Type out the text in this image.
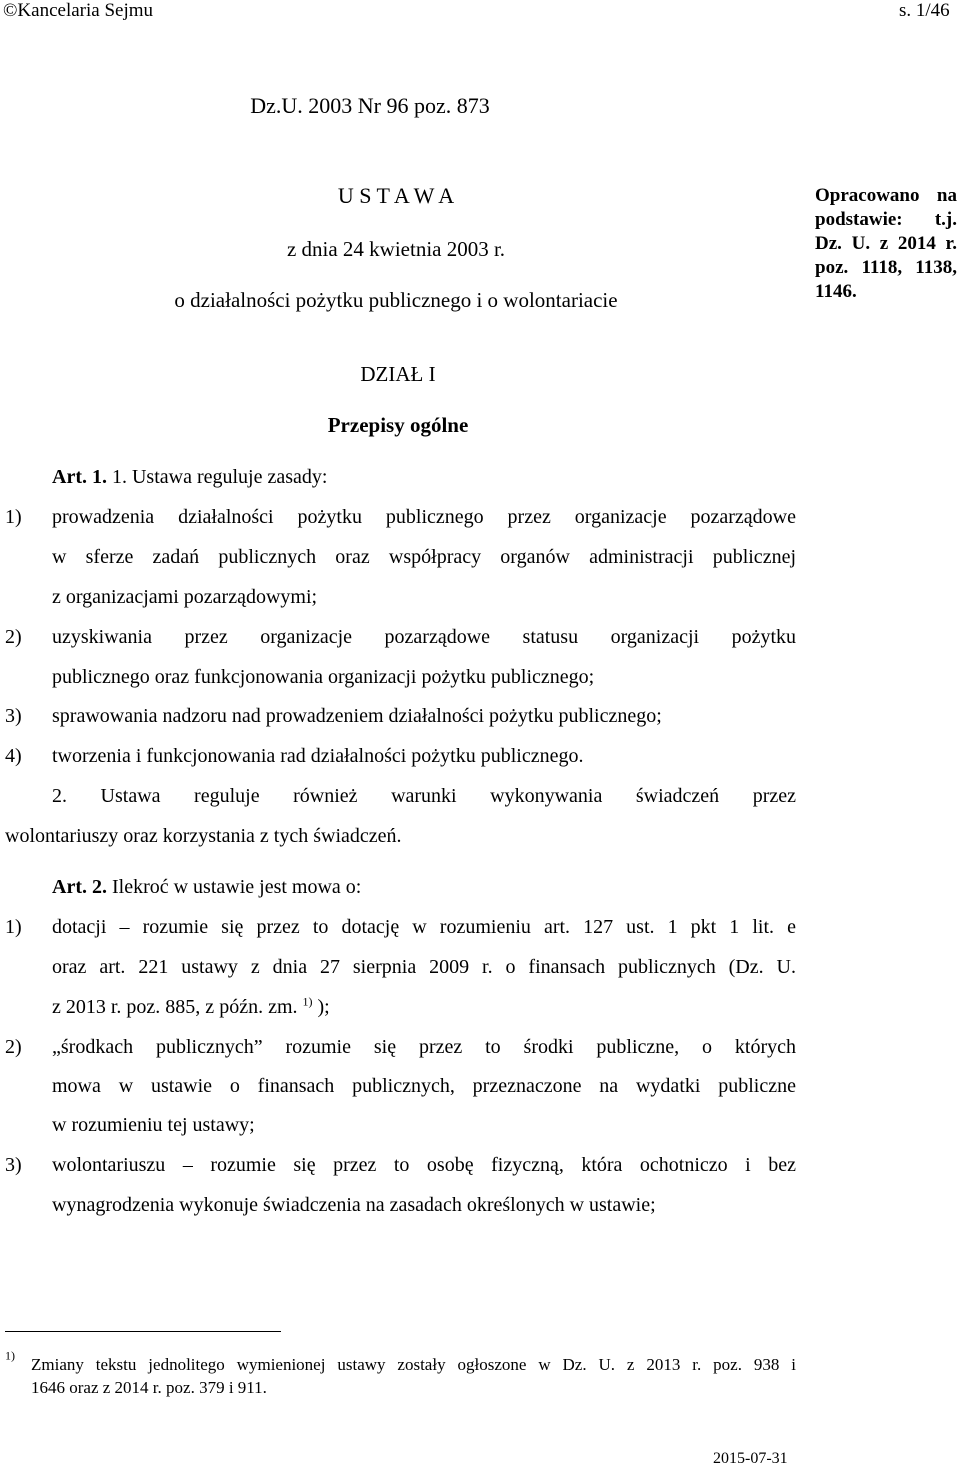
©Kancelaria Sejmu	s. 1/46
Dz.U. 2003 Nr 96 poz. 873
U S T A W A
z dnia 24 kwietnia 2003 r.
o działalności pożytku publicznego i o wolontariacie
Opracowano na
podstawie: t.j.
Dz. U. z 2014 r.
poz. 1118, 1138,
1146.
DZIAŁ I
Przepisy ogólne
Art. 1. 1. Ustawa reguluje zasady:
1) prowadzenia działalności pożytku publicznego przez organizacje pozarządowe
w sferze zadań publicznych oraz współpracy organów administracji publicznej
z organizacjami pozarządowymi;
2) uzyskiwania przez organizacje pozarządowe statusu organizacji pożytku
publicznego oraz funkcjonowania organizacji pożytku publicznego;
3) sprawowania nadzoru nad prowadzeniem działalności pożytku publicznego;
4) tworzenia i funkcjonowania rad działalności pożytku publicznego.
2. Ustawa reguluje również warunki wykonywania świadczeń przez
wolontariuszy oraz korzystania z tych świadczeń.
Art. 2. Ilekroć w ustawie jest mowa o:
1) dotacji – rozumie się przez to dotację w rozumieniu art. 127 ust. 1 pkt 1 lit. e
oraz art. 221 ustawy z dnia 27 sierpnia 2009 r. o finansach publicznych (Dz. U.
z 2013 r. poz. 885, z późn. zm. $^{1)}$ );
2) „środkach publicznych” rozumie się przez to środki publiczne, o których
mowa w ustawie o finansach publicznych, przeznaczone na wydatki publiczne
w rozumieniu tej ustawy;
3) wolontariuszu – rozumie się przez to osobę fizyczną, która ochotniczo i bez
wynagrodzenia wykonuje świadczenia na zasadach określonych w ustawie;
$^{1)}$ Zmiany tekstu jednolitego wymienionej ustawy zostały ogłoszone w Dz. U. z 2013 r. poz. 938 i
1646 oraz z 2014 r. poz. 379 i 911.
2015-07-31
